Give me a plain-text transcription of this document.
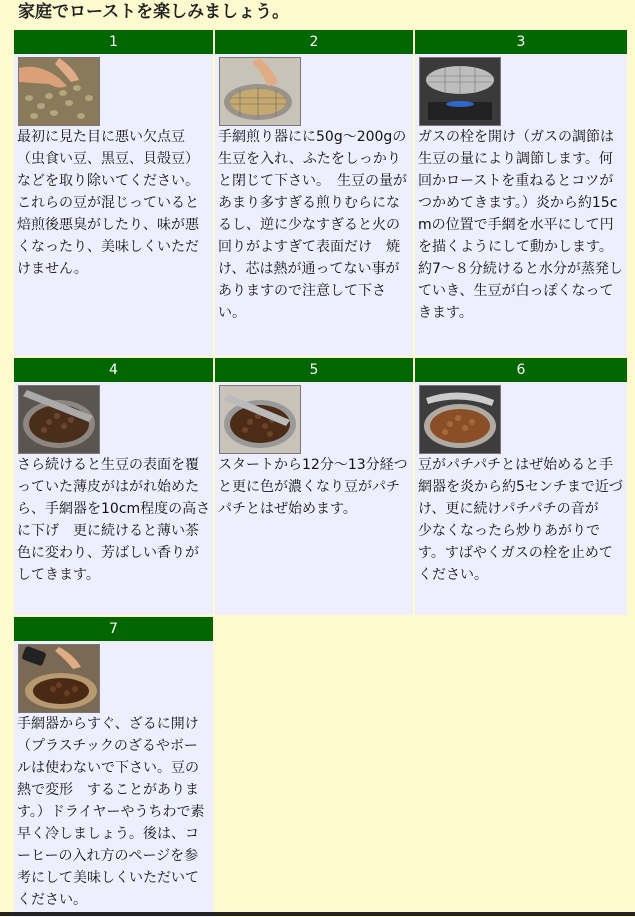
家庭でローストを楽しみましょう。
1
最初に見た目に悪い欠点豆（虫食い豆、黒豆、貝殻豆）などを取り除いてください。これらの豆が混じっていると焙煎後悪臭がしたり、味が悪くなったり、美味しくいただけません。
2
手網煎り器にに50g〜200gの生豆を入れ、ふたをしっかりと閉じて下さい。　生豆の量があまり多すぎる煎りむらになるし、逆に少なすぎると火の回りがよすぎて表面だけ　焼け、芯は熱が通ってない事がありますので注意して下さい。
3
ガスの栓を開け（ガスの調節は生豆の量により調節します。何回かローストを重ねるとコツが　つかめてきます。）炎から約15cmの位置で手網を水平にして円を描くようにして動かします。　約7〜８分続けると水分が蒸発していき、生豆が白っぽくなってきます。
4
さら続けると生豆の表面を覆っていた薄皮がはがれ始めたら、手網器を10cm程度の高さに下げ　更に続けると薄い茶色に変わり、芳ばしい香りがしてきます。
5
スタートから12分〜13分経つと更に色が濃くなり豆がパチパチとはぜ始めます。
6
豆がパチパチとはぜ始めると手網器を炎から約5センチまで近づけ、更に続けパチパチの音が　少なくなったら炒りあがりです。すばやくガスの栓を止めてください。
7
手網器からすぐ、ざるに開け（プラスチックのざるやボールは使わないで下さい。豆の熱で変形　することがあります。）ドライヤーやうちわで素早く冷しましょう。後は、コーヒーの入れ方のページを参考にして美味しくいただいてください。
